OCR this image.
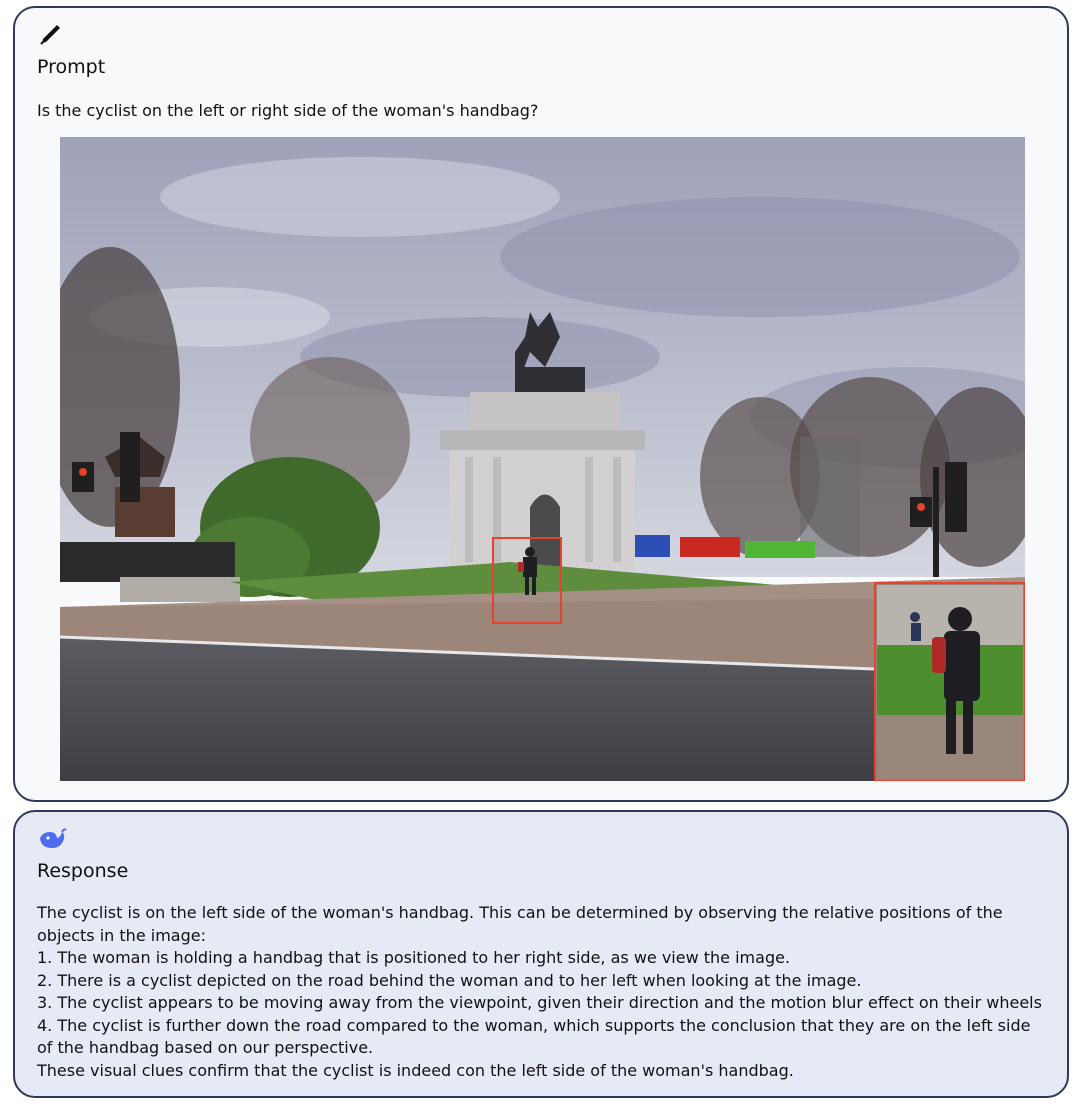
Prompt
Is the cyclist on the left or right side of the woman's handbag?
Response
The cyclist is on the left side of the woman's handbag. This can be determined by observing the relative positions of the objects in the image:
1. The woman is holding a handbag that is positioned to her right side, as we view the image.
2. There is a cyclist depicted on the road behind the woman and to her left when looking at the image.
3. The cyclist appears to be moving away from the viewpoint, given their direction and the motion blur effect on their wheels
4. The cyclist is further down the road compared to the woman, which supports the conclusion that they are on the left side of the handbag based on our perspective.
These visual clues confirm that the cyclist is indeed con the left side of the woman's handbag.
